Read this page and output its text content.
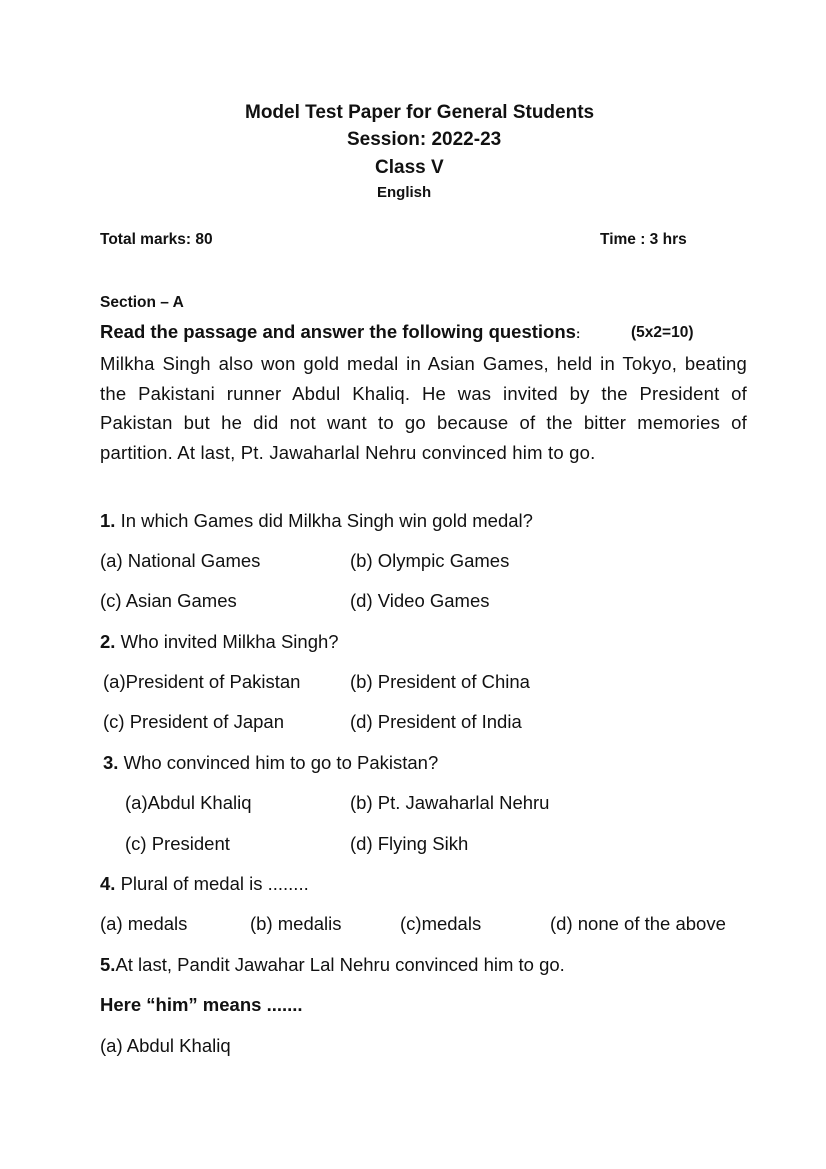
Model Test Paper for General Students
Session: 2022-23
Class V
English
Total marks: 80	Time : 3 hrs
Section – A
Read the passage and answer the following questions:	(5x2=10)
Milkha Singh also won gold medal in Asian Games, held in Tokyo, beating the Pakistani runner Abdul Khaliq. He was invited by the President of Pakistan but he did not want to go because of the bitter memories of partition. At last, Pt. Jawaharlal Nehru convinced him to go.
1. In which Games did Milkha Singh win gold medal?
(a) National Games	(b) Olympic Games
(c) Asian Games	(d) Video Games
2. Who invited Milkha Singh?
(a)President of Pakistan	(b) President of China
(c) President of Japan	(d) President of India
3. Who convinced him to go to Pakistan?
(a)Abdul Khaliq	(b) Pt. Jawaharlal Nehru
(c) President	(d) Flying Sikh
4. Plural of medal is ........
(a) medals	(b) medalis	(c)medals	(d) none of the above
5.At last, Pandit Jawahar Lal Nehru convinced him to go.
Here “him” means .......
(a) Abdul Khaliq
